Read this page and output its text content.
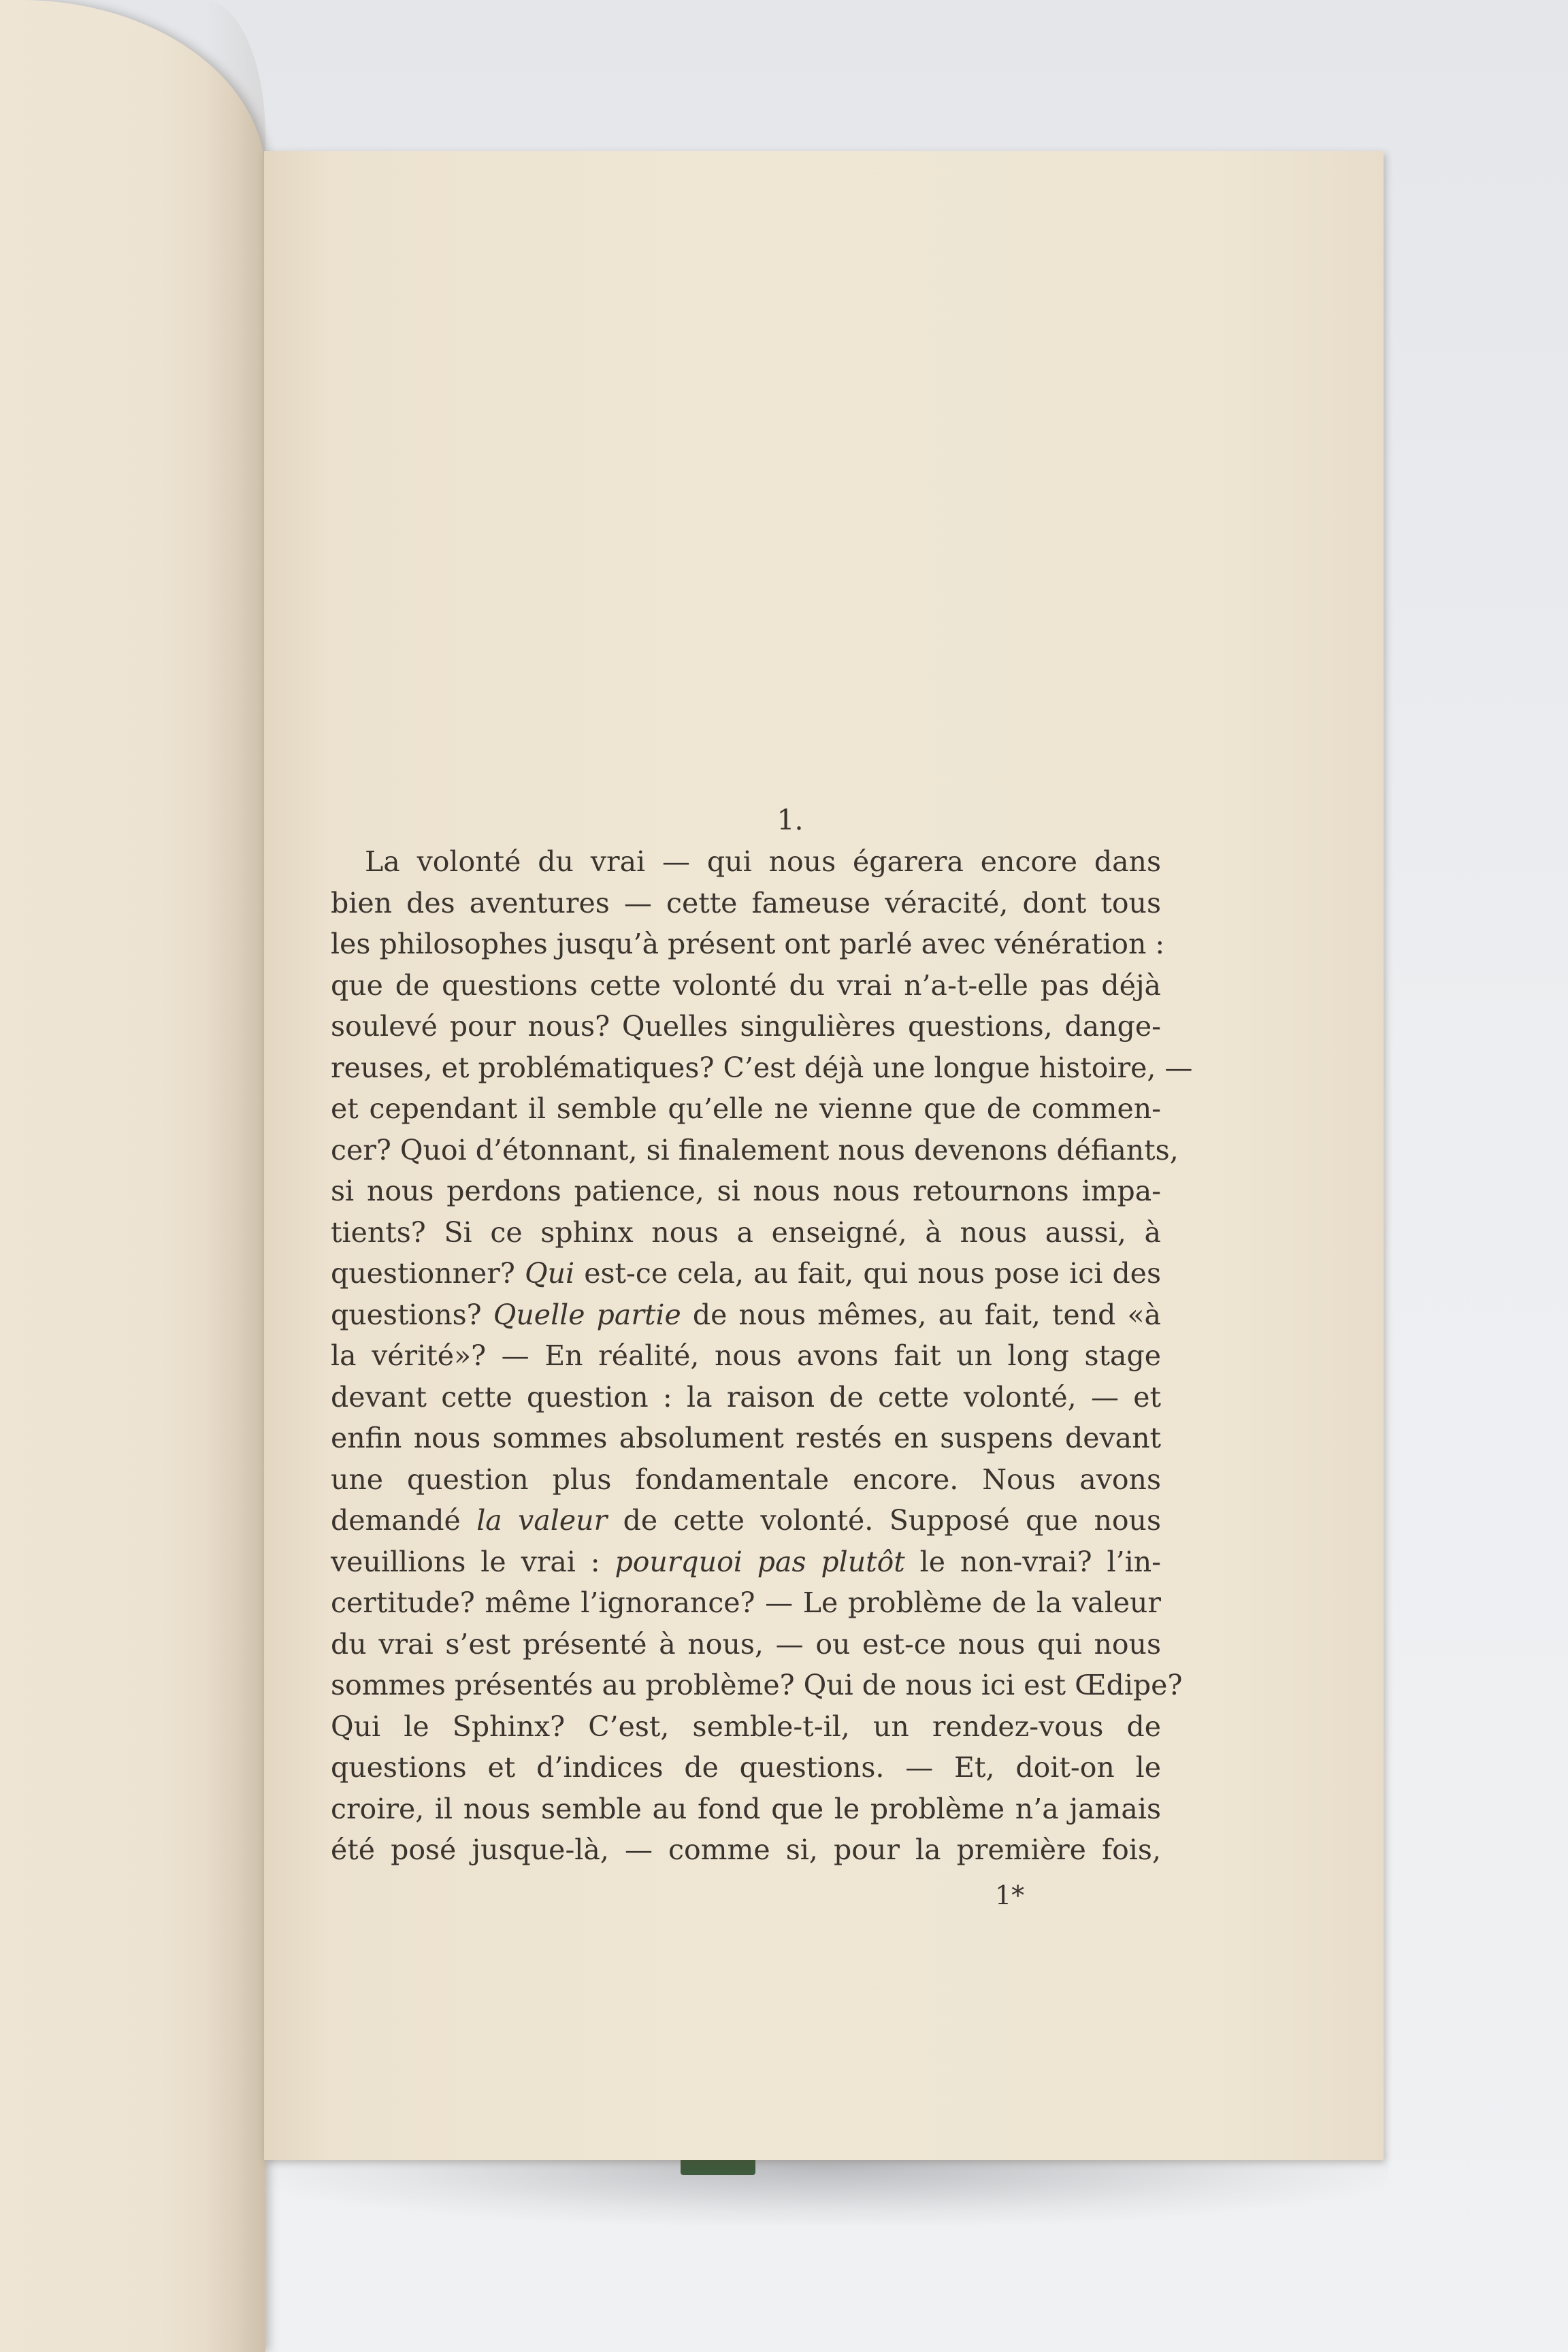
1.
La volonté du vrai — qui nous égarera encore dans
bien des aventures — cette fameuse véracité, dont tous
les philosophes jusqu’à présent ont parlé avec vénération :
que de questions cette volonté du vrai n’a-t-elle pas déjà
soulevé pour nous? Quelles singulières questions, dange-
reuses, et problématiques? C’est déjà une longue histoire, —
et cependant il semble qu’elle ne vienne que de commen-
cer? Quoi d’étonnant, si finalement nous devenons défiants,
si nous perdons patience, si nous nous retournons impa-
tients? Si ce sphinx nous a enseigné, à nous aussi, à
questionner? Qui est-ce cela, au fait, qui nous pose ici des
questions? Quelle partie de nous mêmes, au fait, tend «à
la vérité»? — En réalité, nous avons fait un long stage
devant cette question : la raison de cette volonté, — et
enfin nous sommes absolument restés en suspens devant
une question plus fondamentale encore. Nous avons
demandé la valeur de cette volonté. Supposé que nous
veuillions le vrai : pourquoi pas plutôt le non-vrai? l’in-
certitude? même l’ignorance? — Le problème de la valeur
du vrai s’est présenté à nous, — ou est-ce nous qui nous
sommes présentés au problème? Qui de nous ici est Œdipe?
Qui le Sphinx? C’est, semble-t-il, un rendez-vous de
questions et d’indices de questions. — Et, doit-on le
croire, il nous semble au fond que le problème n’a jamais
été posé jusque-là, — comme si, pour la première fois,
1*
